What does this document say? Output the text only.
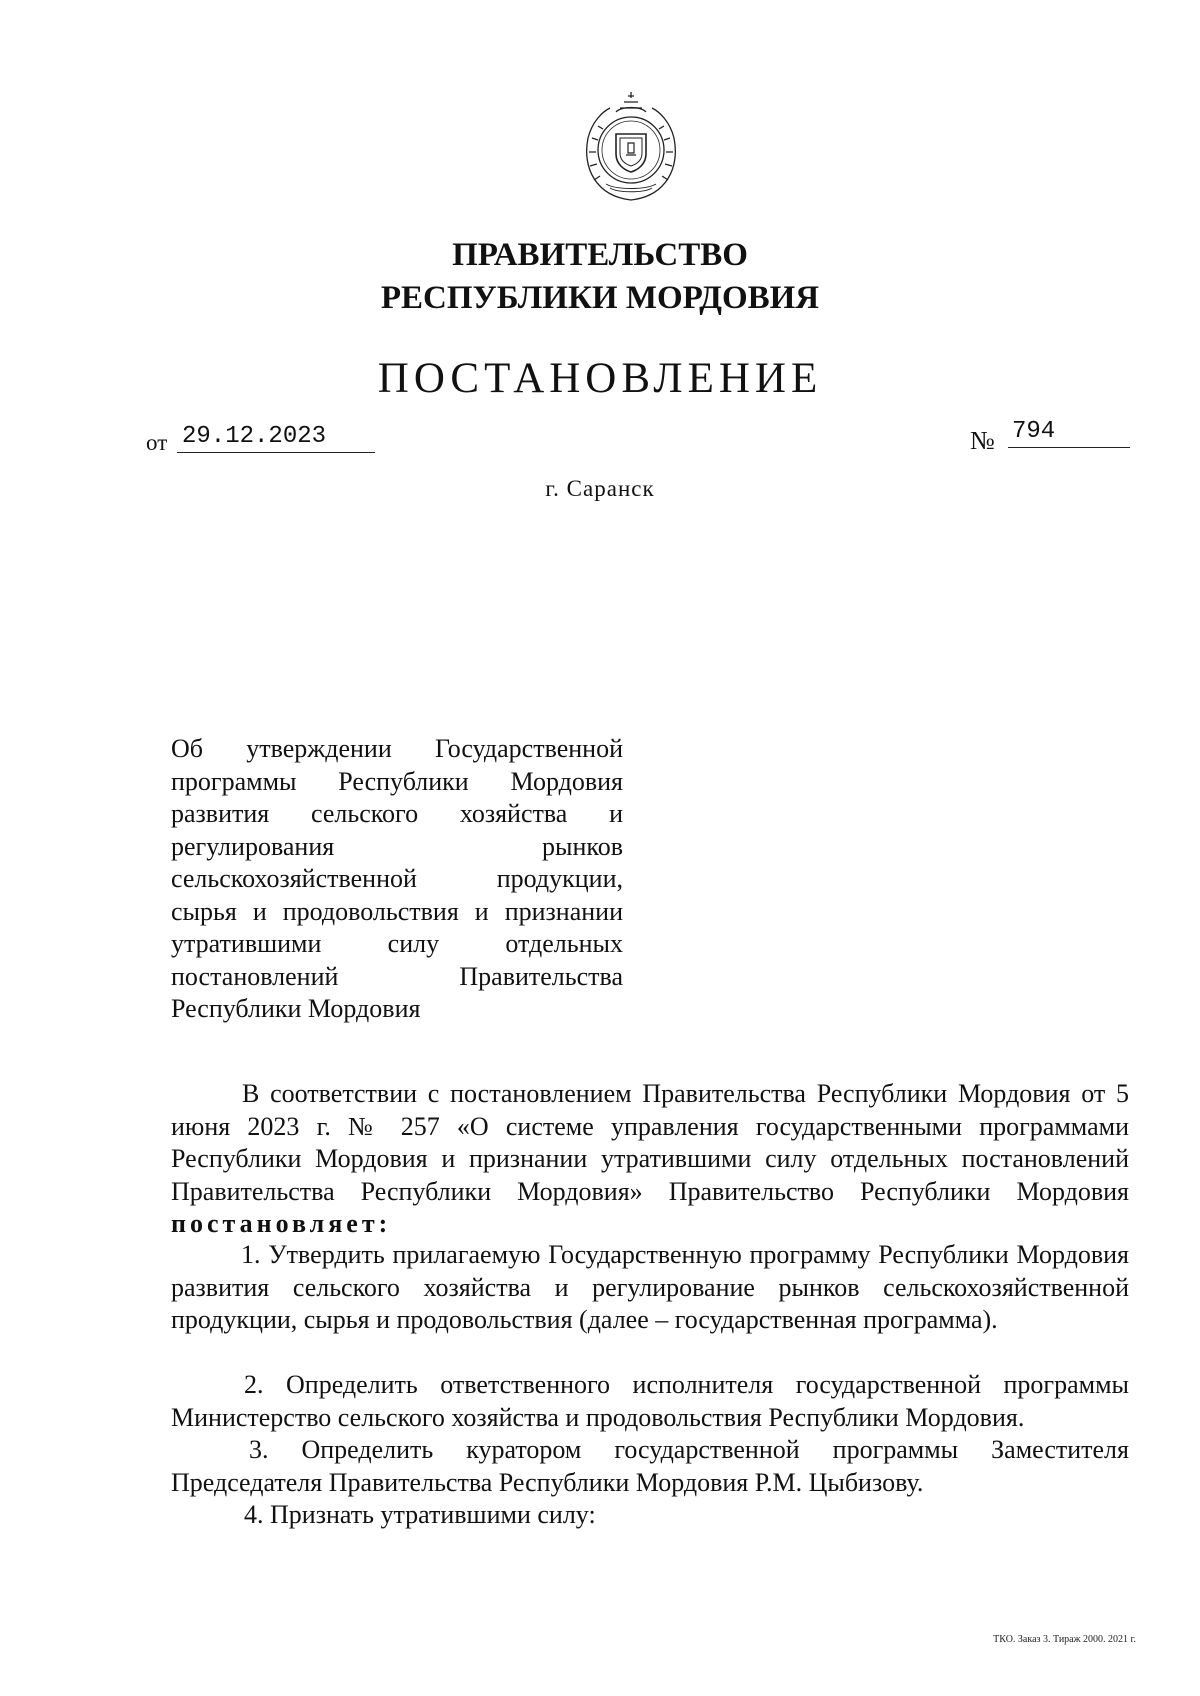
ПРАВИТЕЛЬСТВО
РЕСПУБЛИКИ МОРДОВИЯ
ПОСТАНОВЛЕНИЕ
от 29.12.2023	№ 794
г. Саранск
Об утверждении Государственной
программы Республики Мордовия
развития сельского хозяйства и
регулирования рынков
сельскохозяйственной продукции,
сырья и продовольствия и признании
утратившими силу отдельных
постановлений Правительства
Республики Мордовия
В соответствии с постановлением Правительства Республики Мордовия от 5 июня 2023 г. № 257 «О системе управления государственными программами Республики Мордовия и признании утратившими силу отдельных постановлений Правительства Республики Мордовия» Правительство Республики Мордовия постановляет:
1. Утвердить прилагаемую Государственную программу Республики Мордовия развития сельского хозяйства и регулирование рынков сельскохозяйственной продукции, сырья и продовольствия (далее – государственная программа).
2. Определить ответственного исполнителя государственной программы Министерство сельского хозяйства и продовольствия Республики Мордовия.
3. Определить куратором государственной программы Заместителя Председателя Правительства Республики Мордовия Р.М. Цыбизову.
4. Признать утратившими силу:
ТКО. Заказ 3. Тираж 2000. 2021 г.
